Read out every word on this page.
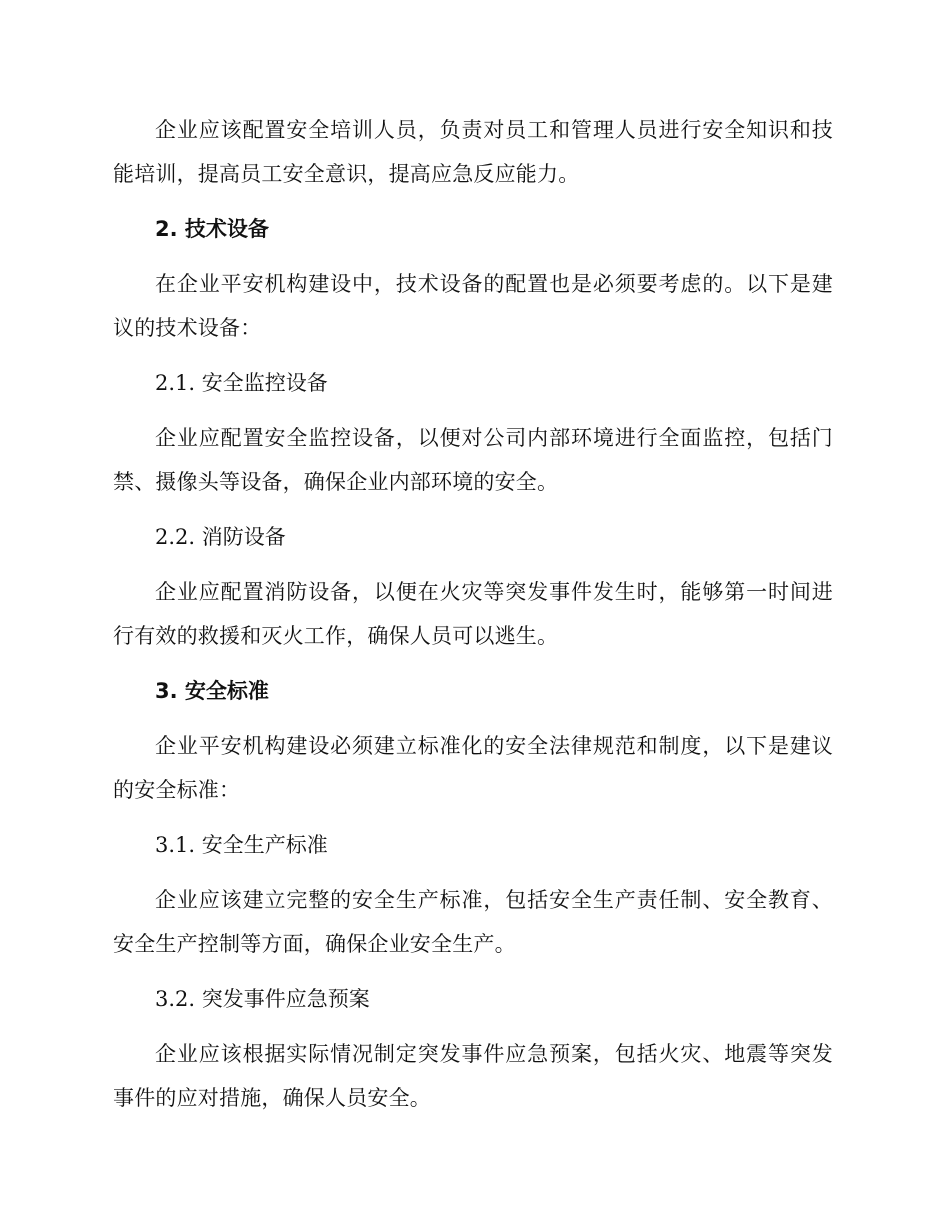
企业应该配置安全培训人员，负责对员工和管理人员进行安全知识和技能培训，提高员工安全意识，提高应急反应能力。

2. 技术设备

在企业平安机构建设中，技术设备的配置也是必须要考虑的。以下是建议的技术设备：

2.1. 安全监控设备

企业应配置安全监控设备，以便对公司内部环境进行全面监控，包括门禁、摄像头等设备，确保企业内部环境的安全。

2.2. 消防设备

企业应配置消防设备，以便在火灾等突发事件发生时，能够第一时间进行有效的救援和灭火工作，确保人员可以逃生。

3. 安全标准

企业平安机构建设必须建立标准化的安全法律规范和制度，以下是建议的安全标准：

3.1. 安全生产标准

企业应该建立完整的安全生产标准，包括安全生产责任制、安全教育、安全生产控制等方面，确保企业安全生产。

3.2. 突发事件应急预案

企业应该根据实际情况制定突发事件应急预案，包括火灾、地震等突发事件的应对措施，确保人员安全。
